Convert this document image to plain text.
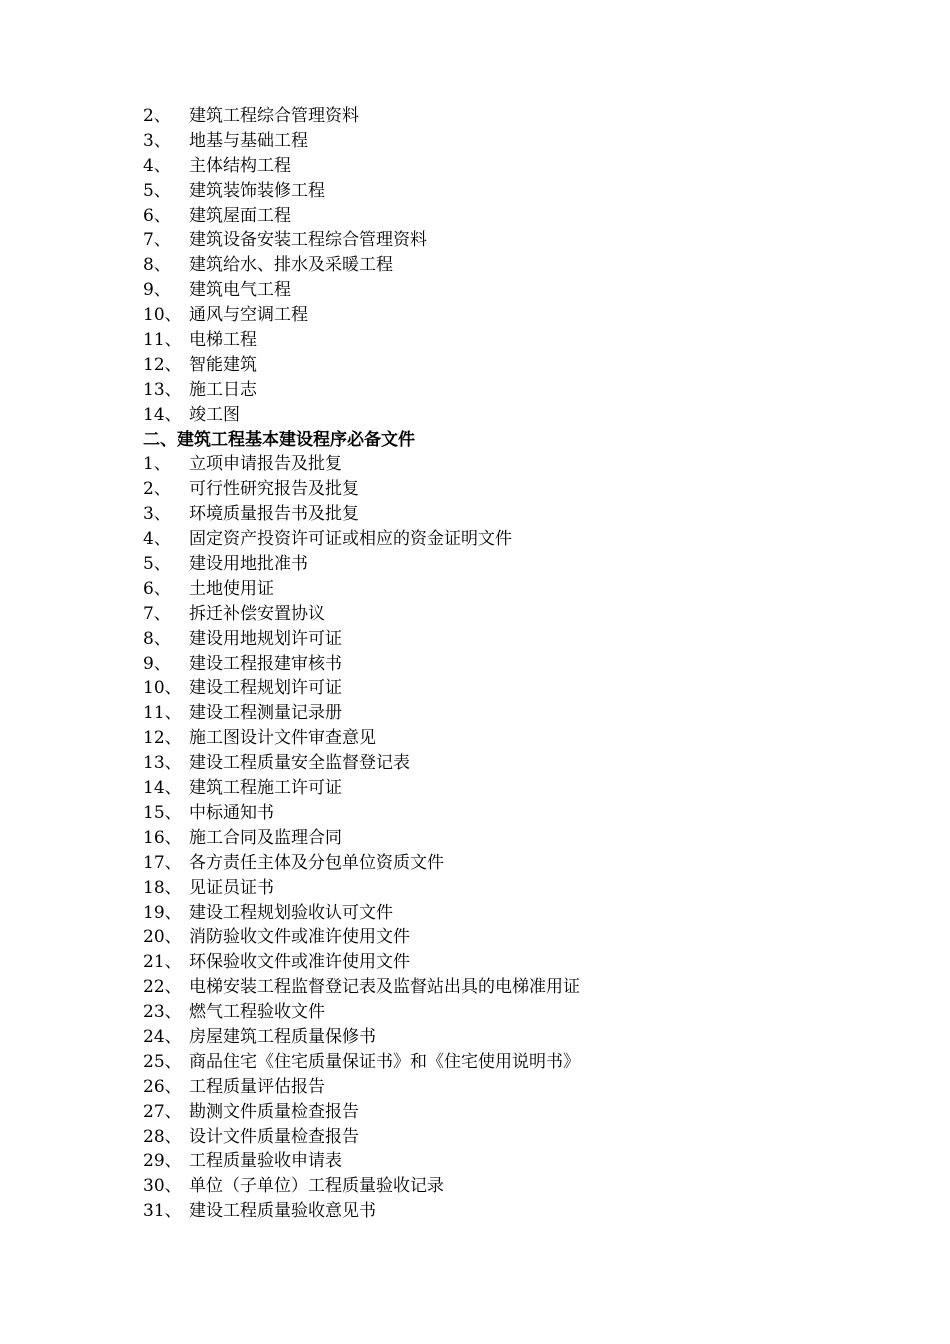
2、	建筑工程综合管理资料
3、	地基与基础工程
4、	主体结构工程
5、	建筑装饰装修工程
6、	建筑屋面工程
7、	建筑设备安装工程综合管理资料
8、	建筑给水、排水及采暖工程
9、	建筑电气工程
10、 通风与空调工程
11、 电梯工程
12、 智能建筑
13、 施工日志
14、 竣工图
二、建筑工程基本建设程序必备文件
1、	立项申请报告及批复
2、	可行性研究报告及批复
3、	环境质量报告书及批复
4、	固定资产投资许可证或相应的资金证明文件
5、	建设用地批准书
6、	土地使用证
7、	拆迁补偿安置协议
8、	建设用地规划许可证
9、	建设工程报建审核书
10、 建设工程规划许可证
11、 建设工程测量记录册
12、 施工图设计文件审查意见
13、 建设工程质量安全监督登记表
14、 建筑工程施工许可证
15、 中标通知书
16、 施工合同及监理合同
17、 各方责任主体及分包单位资质文件
18、 见证员证书
19、 建设工程规划验收认可文件
20、 消防验收文件或准许使用文件
21、 环保验收文件或准许使用文件
22、 电梯安装工程监督登记表及监督站出具的电梯准用证
23、 燃气工程验收文件
24、 房屋建筑工程质量保修书
25、 商品住宅《住宅质量保证书》和《住宅使用说明书》
26、 工程质量评估报告
27、 勘测文件质量检查报告
28、 设计文件质量检查报告
29、 工程质量验收申请表
30、 单位（子单位）工程质量验收记录
31、 建设工程质量验收意见书
